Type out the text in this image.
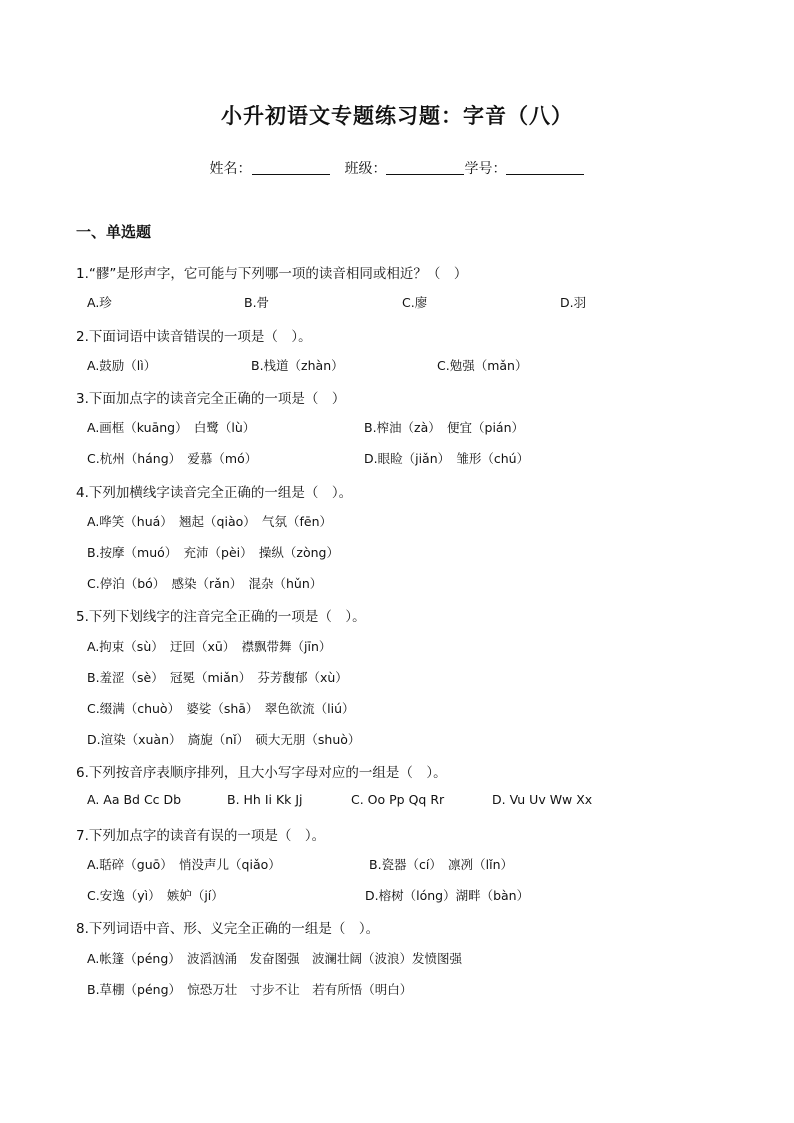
小升初语文专题练习题：字音（八）
姓名：	班级：	学号：
一、单选题
1.“髎”是形声字，它可能与下列哪一项的读音相同或相近？（　）
A.珍	B.骨	C.廖	D.羽
2.下面词语中读音错误的一项是（　）。
A.鼓励（lì）	B.栈道（zhàn）	C.勉强（mǎn）
3.下面加点字的读音完全正确的一项是（　）
A.画框（kuāng）　白鹭（lù）	B.榨油（zà）　便宜（pián）
C.杭州（háng）　爱慕（mó）	D.眼睑（jiǎn）　雏形（chú）
4.下列加横线字读音完全正确的一组是（　）。
A.哗笑（huá）　翘起（qiào）　气氛（fēn）
B.按摩（muó）　充沛（pèi）　操纵（zòng）
C.停泊（bó）　感染（rǎn）　混杂（hǔn）
5.下列下划线字的注音完全正确的一项是（　）。
A.拘束（sù）　迂回（xū）　襟飘带舞（jīn）
B.羞涩（sè）　冠冕（miǎn）　芬芳馥郁（xù）
C.缀满（chuò）　婆娑（shā）　翠色欲流（liú）
D.渲染（xuàn）　旖旎（nǐ）　硕大无朋（shuò）
6.下列按音序表顺序排列，且大小写字母对应的一组是（　）。
A. Aa Bd Cc Db	B. Hh Ii Kk Jj	C. Oo Pp Qq Rr	D. Vu Uv Ww Xx
7.下列加点字的读音有误的一项是（　）。
A.聒碎（guō）　悄没声儿（qiǎo）	B.瓷器（cí）　凛冽（lǐn）
C.安逸（yì）　嫉妒（jí）	D.榕树（lóng）湖畔（bàn）
8.下列词语中音、形、义完全正确的一组是（　）。
A.帐篷（péng）　波滔汹涌　发奋图强　波澜壮阔（波浪）发愤图强
B.草棚（péng）　惊恐万壮　寸步不让　若有所悟（明白）
